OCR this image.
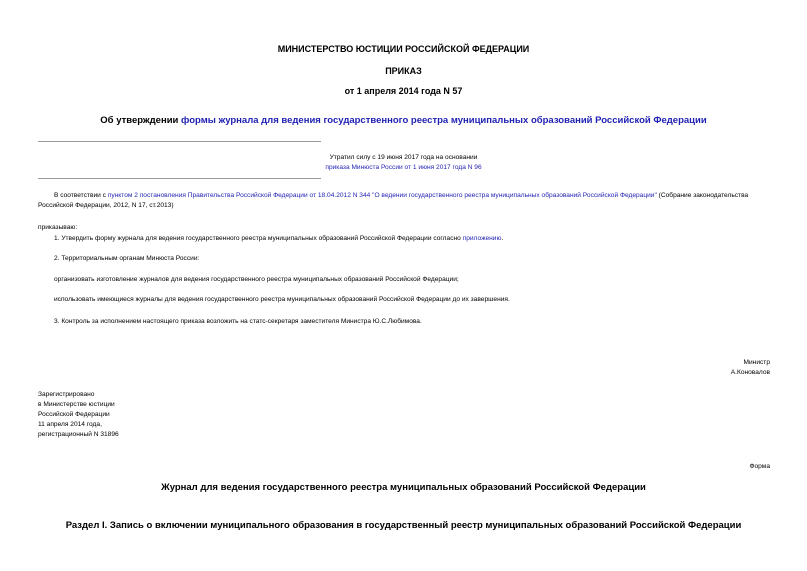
МИНИСТЕРСТВО ЮСТИЦИИ РОССИЙСКОЙ ФЕДЕРАЦИИ
ПРИКАЗ
от 1 апреля 2014 года N 57
Об утверждении формы журнала для ведения государственного реестра муниципальных образований Российской Федерации
Утратил силу с 19 июня 2017 года на основании
приказа Минюста России от 1 июня 2017 года N 96
В соответствии с пунктом 2 постановления Правительства Российской Федерации от 18.04.2012 N 344 "О ведении государственного реестра муниципальных образований Российской Федерации" (Собрание законодательства Российской Федерации, 2012, N 17, ст.2013)
приказываю:
1. Утвердить форму журнала для ведения государственного реестра муниципальных образований Российской Федерации согласно приложению.
2. Территориальным органам Минюста России:
организовать изготовление журналов для ведения государственного реестра муниципальных образований Российской Федерации;
использовать имеющиеся журналы для ведения государственного реестра муниципальных образований Российской Федерации до их завершения.
3. Контроль за исполнением настоящего приказа возложить на статс-секретаря заместителя Министра Ю.С.Любимова.
Министр
А.Коновалов
Зарегистрировано
в Министерстве юстиции
Российской Федерации
11 апреля 2014 года,
регистрационный N 31896
Форма
Журнал для ведения государственного реестра муниципальных образований Российской Федерации
Раздел I. Запись о включении муниципального образования в государственный реестр муниципальных образований Российской Федерации
